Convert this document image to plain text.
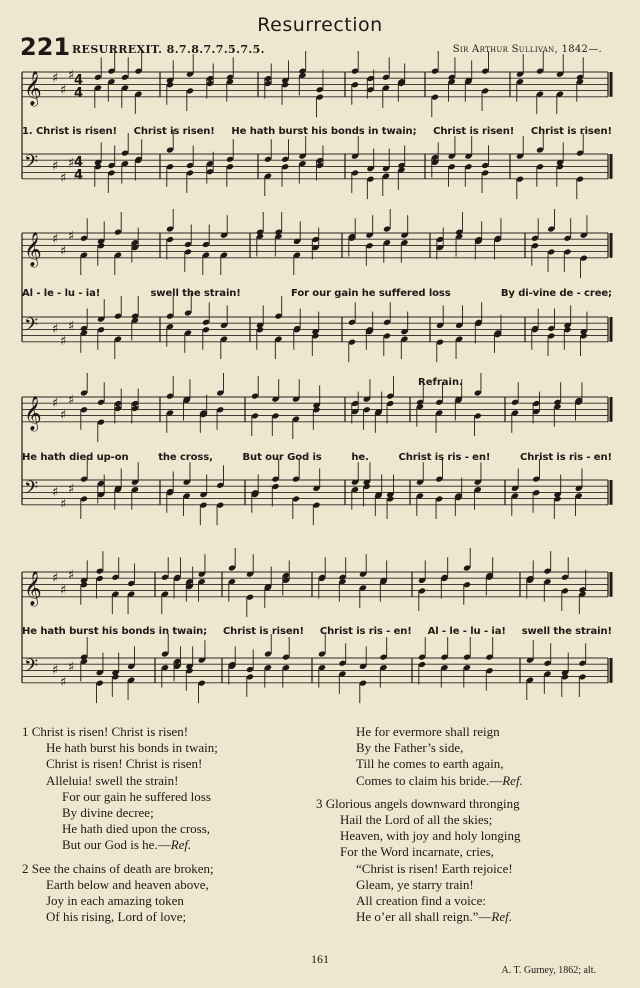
Resurrection
221 RESURREXIT. 8.7.8.7.7.5.7.5.	Sir Arthur Sullivan, 1842—.
𝄞 ♯
♯
♯ 4
4
𝄢 ♯
♯
♯ 4
4
𝄞 ♯
♯
♯
𝄢 ♯
♯
♯
𝄞 ♯
♯
♯
𝄢 ♯
♯
♯
𝄞 ♯
♯
♯
𝄢 ♯
♯
♯
Refrain.
1. Christ is risen! Christ is risen! He hath burst his bonds in twain; Christ is risen! Christ is risen!
Al - le - lu - ia!	swell the strain!	For our gain he suffered loss	By di-vine de - cree;
He hath died up-on	the cross,	But our God is	he.	Christ is ris - en!	Christ is ris - en!
He hath burst his bonds in twain; Christ is risen! Christ is ris - en! Al - le - lu - ia! swell the strain!
1 Christ is risen! Christ is risen!
He hath burst his bonds in twain;
Christ is risen! Christ is risen!
Alleluia! swell the strain!
For our gain he suffered loss
By divine decree;
He hath died upon the cross,
But our God is he.—Ref.
2 See the chains of death are broken;
Earth below and heaven above,
Joy in each amazing token
Of his rising, Lord of love;
He for evermore shall reign
By the Father’s side,
Till he comes to earth again,
Comes to claim his bride.—Ref.
3 Glorious angels downward thronging
Hail the Lord of all the skies;
Heaven, with joy and holy longing
For the Word incarnate, cries,
“Christ is risen! Earth rejoice!
Gleam, ye starry train!
All creation find a voice:
He o’er all shall reign.”—Ref.
161
A. T. Gurney, 1862; alt.
